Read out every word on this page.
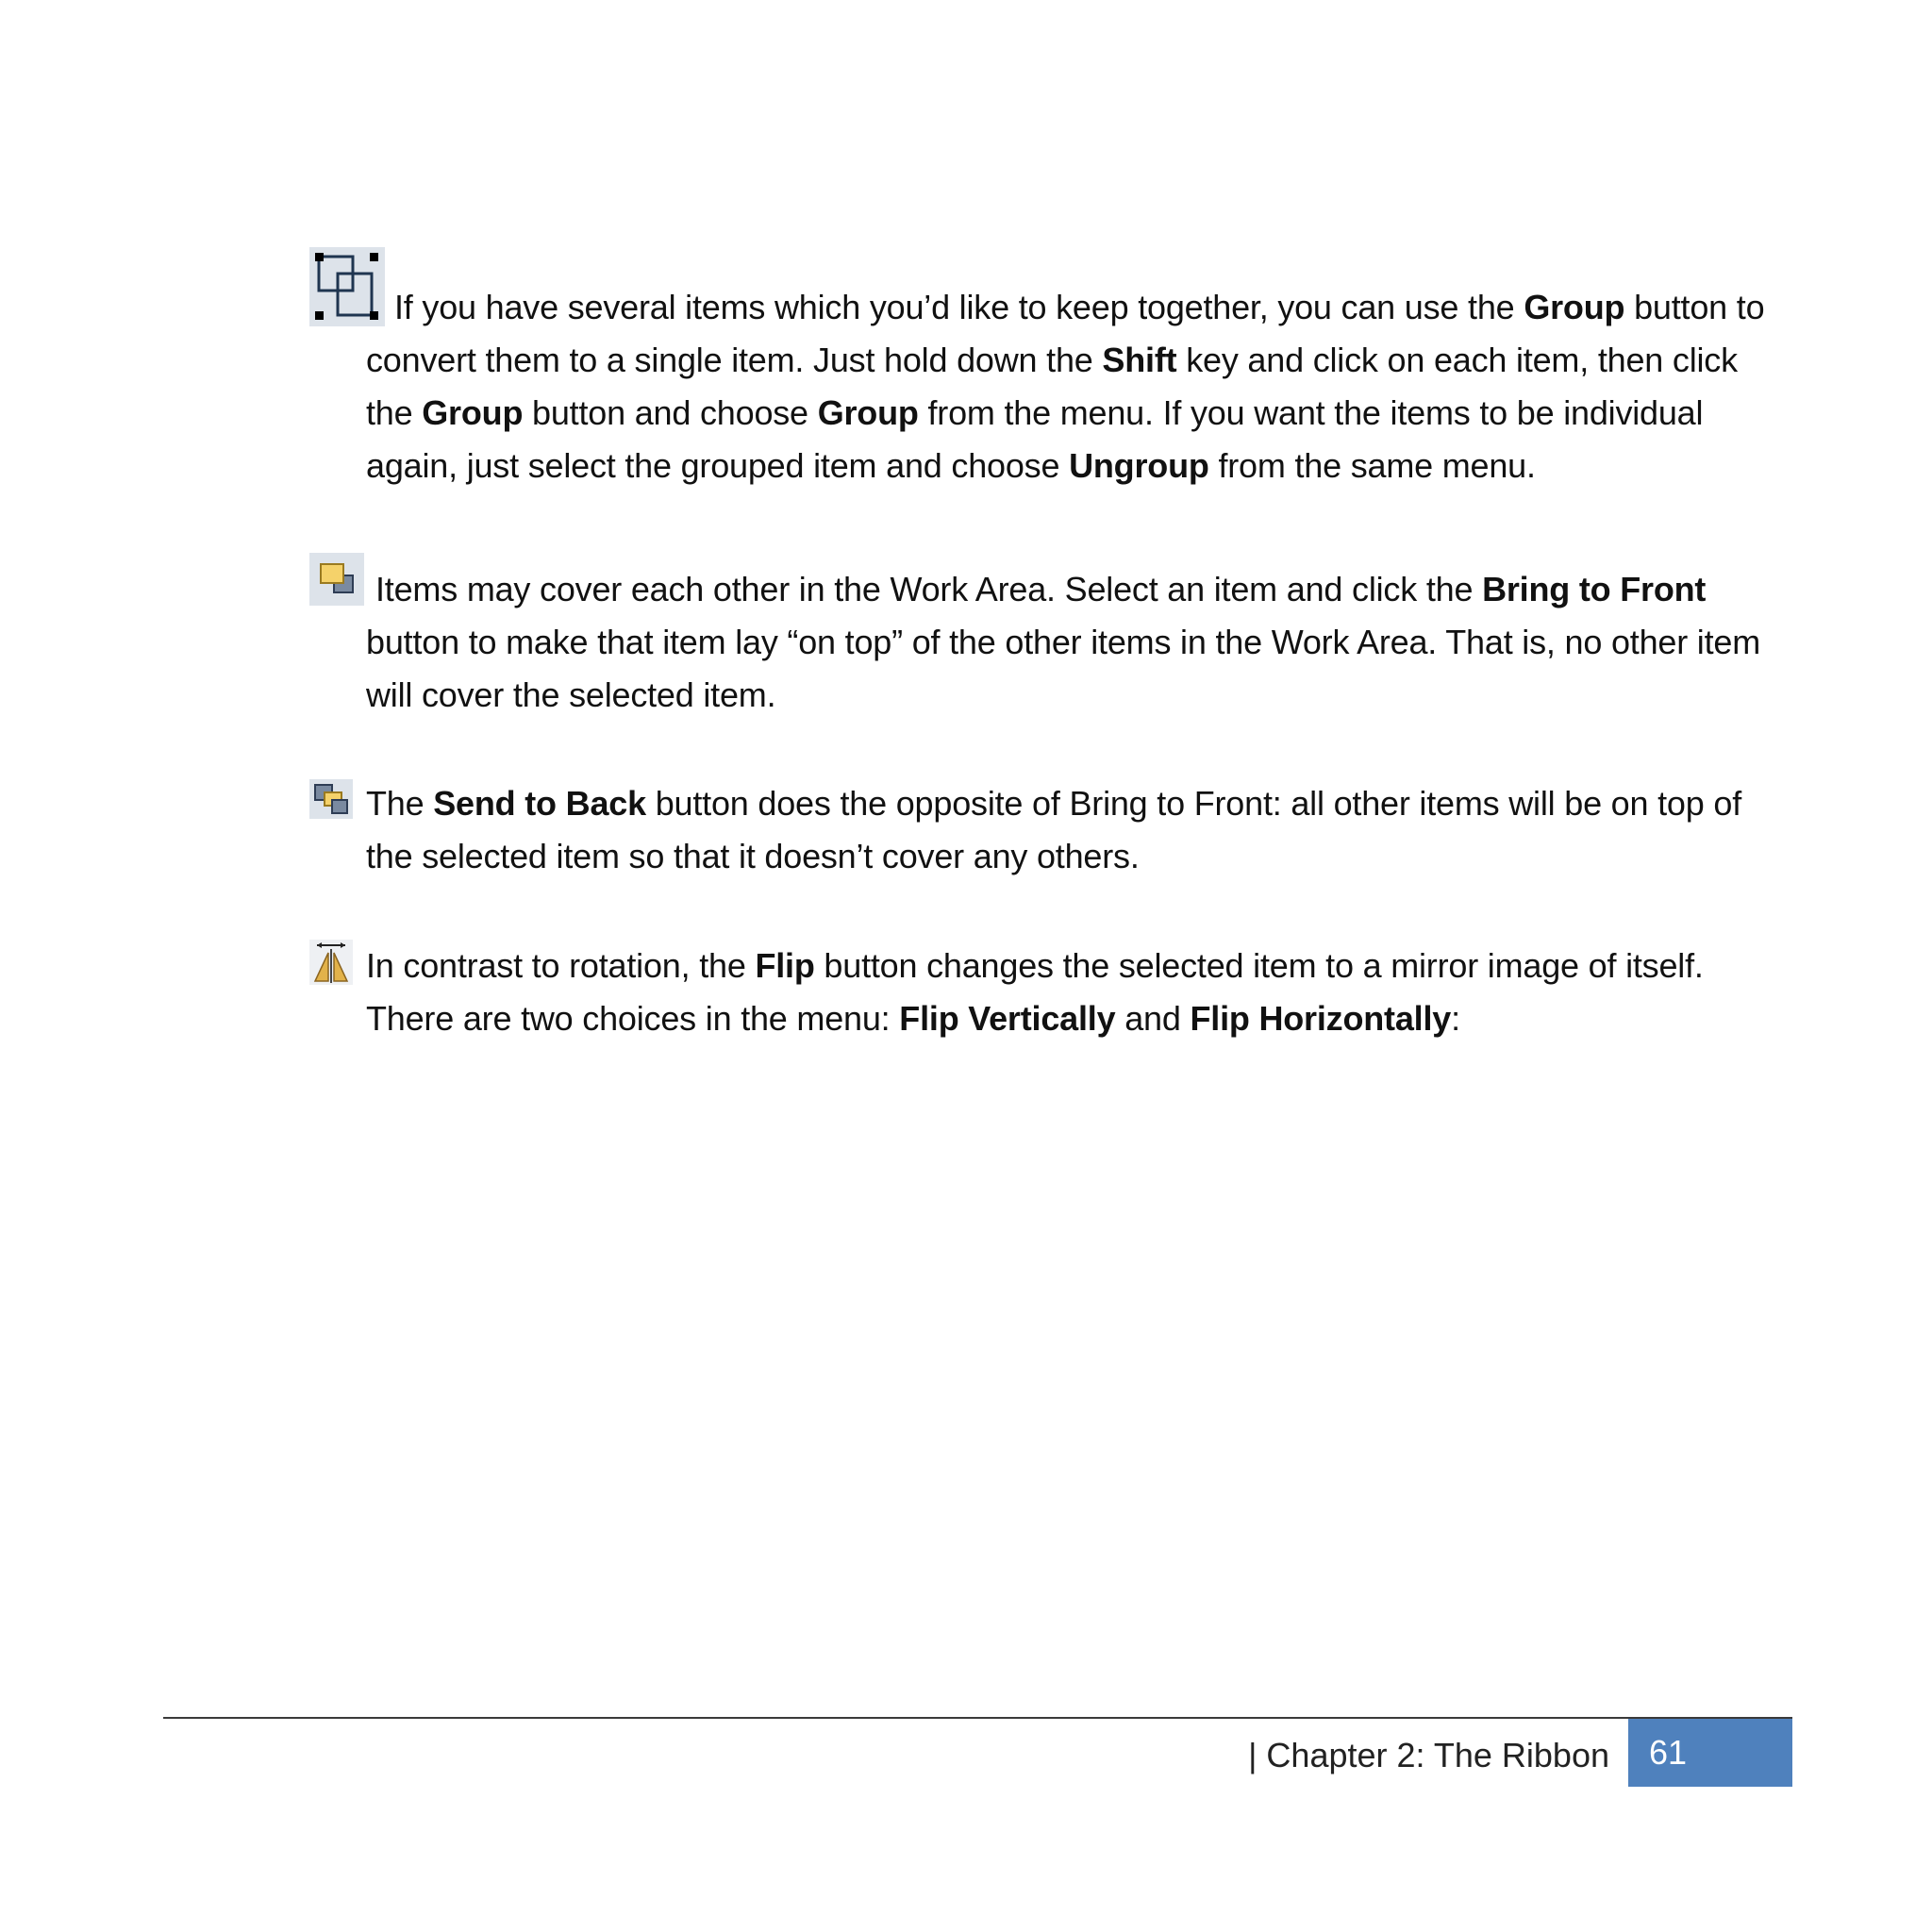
If you have several items which you’d like to keep together, you can use the Group button to convert them to a single item. Just hold down the Shift key and click on each item, then click the Group button and choose Group from the menu. If you want the items to be individual again, just select the grouped item and choose Ungroup from the same menu.
Items may cover each other in the Work Area. Select an item and click the Bring to Front button to make that item lay “on top” of the other items in the Work Area. That is, no other item will cover the selected item.
The Send to Back button does the opposite of Bring to Front: all other items will be on top of the selected item so that it doesn’t cover any others.
In contrast to rotation, the Flip button changes the selected item to a mirror image of itself. There are two choices in the menu: Flip Vertically and Flip Horizontally:
| Chapter 2: The Ribbon	61
